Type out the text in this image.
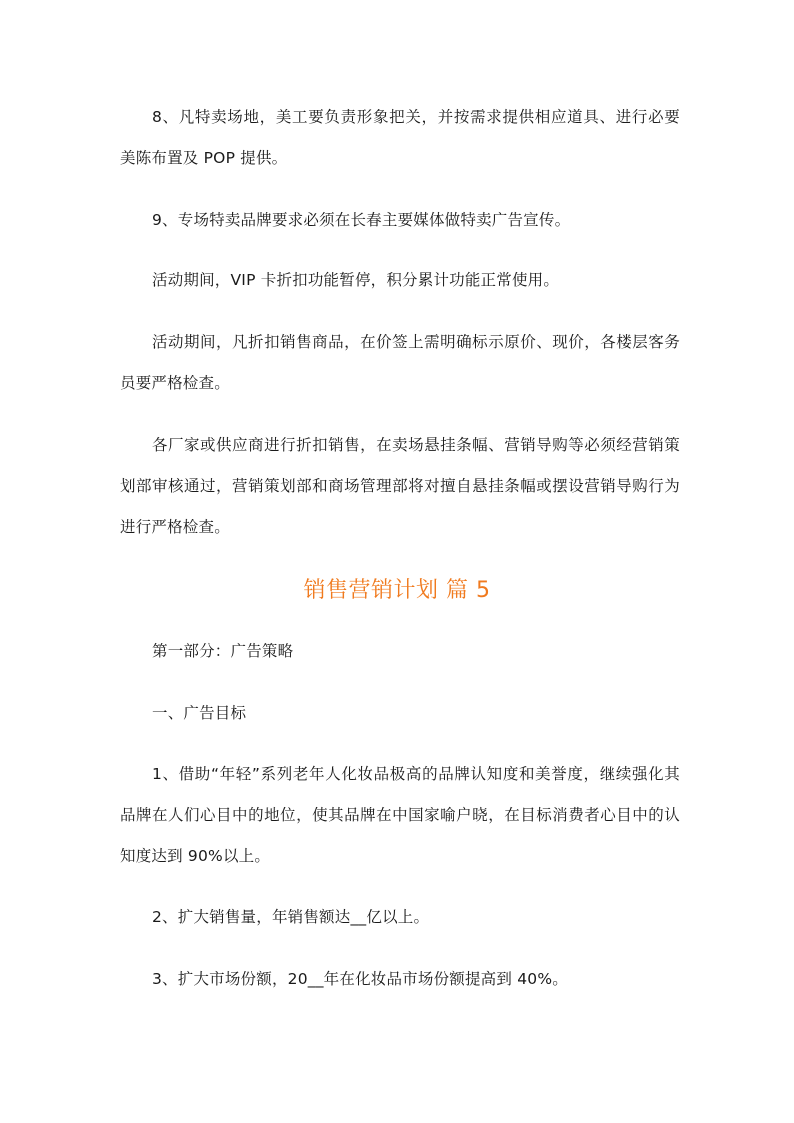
8、凡特卖场地，美工要负责形象把关，并按需求提供相应道具、进行必要美陈布置及 POP 提供。

9、专场特卖品牌要求必须在长春主要媒体做特卖广告宣传。

活动期间，VIP 卡折扣功能暂停，积分累计功能正常使用。

活动期间，凡折扣销售商品，在价签上需明确标示原价、现价，各楼层客务员要严格检查。

各厂家或供应商进行折扣销售，在卖场悬挂条幅、营销导购等必须经营销策划部审核通过，营销策划部和商场管理部将对擅自悬挂条幅或摆设营销导购行为进行严格检查。

销售营销计划 篇 5

第一部分：广告策略

一、广告目标

1、借助“年轻”系列老年人化妆品极高的品牌认知度和美誉度，继续强化其品牌在人们心目中的地位，使其品牌在中国家喻户晓，在目标消费者心目中的认知度达到 90%以上。

2、扩大销售量，年销售额达__亿以上。

3、扩大市场份额，20__年在化妆品市场份额提高到 40%。
